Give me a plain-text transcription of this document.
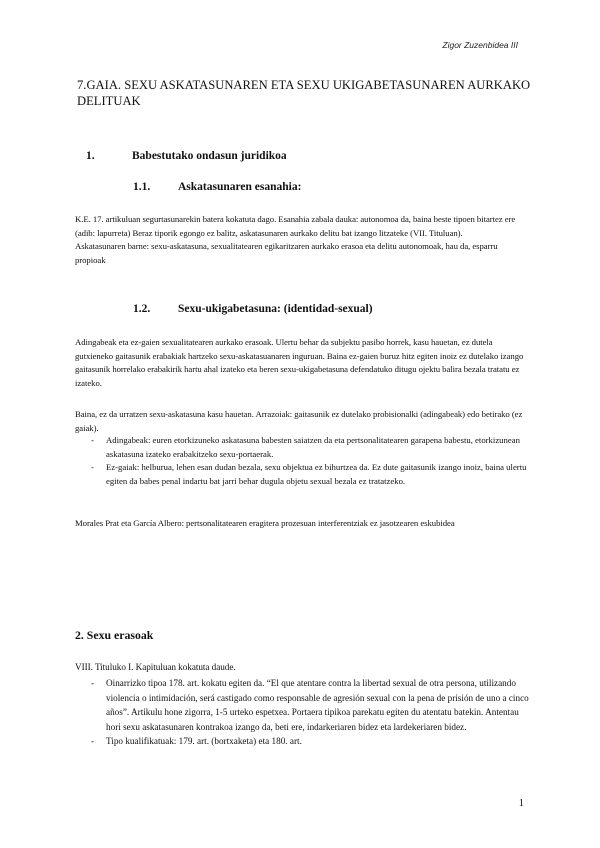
Zigor Zuzenbidea III
7.GAIA. SEXU ASKATASUNAREN ETA SEXU UKIGABETASUNAREN AURKAKO DELITUAK
1.	Babestutako ondasun juridikoa
1.1. Askatasunaren esanahia:

K.E. 17. artikuluan segurtasunarekin batera kokatuta dago. Esanahia zabala dauka: autonomoa da, baina beste tipoen bitartez ere (adib: lapurreta) Beraz tiporik egongo ez balitz, askatasunaren aurkako delitu bat izango litzateke (VII. Tituluan).

Askatasunaren barne: sexu-askatasuna, sexualitatearen egikaritzaren aurkako erasoa eta delitu autonomoak, hau da, esparru propioak

1.2. Sexu-ukigabetasuna: (identidad-sexual)
Adingabeak eta ez-gaien sexualitatearen aurkako erasoak. Ulertu behar da subjektu pasibo horrek, kasu hauetan, ez dutela gutxieneko gaitasunik erabakiak hartzeko sexu-askatasuanaren inguruan. Baina ez-gaien buruz hitz egiten inoiz ez dutelako izango gaitasunik horrelako erabakirik hartu ahal izateko eta beren sexu-ukigabetasuna defendatuko ditugu ojektu balira bezala tratatu ez izateko.
Baina, ez da urratzen sexu-askatasuna kasu hauetan. Arrazoiak: gaitasunik ez dutelako probisionalki (adingabeak) edo betirako (ez gaiak).
-	Adingabeak: euren etorkizuneko askatasuna babesten saiatzen da eta pertsonalitatearen garapena babestu, etorkizunean askatasuna izateko erabakitzeko sexu-portaerak.
-	Ez-gaiak: helburua, lehen esan dudan bezala, sexu objektua ez bihurtzea da. Ez dute gaitasunik izango inoiz, baina ulertu egiten da babes penal indartu bat jarri behar dugula objetu sexual bezala ez tratatzeko.
Morales Prat eta García Albero: pertsonalitatearen eragitera prozesuan interferentziak ez jasotzearen eskubidea
2. Sexu erasoak
VIII. Tituluko I. Kapituluan kokatuta daude.
-	Oinarrizko tipoa 178. art. kokatu egiten da. “El que atentare contra la libertad sexual de otra persona, utilizando violencia o intimidación, será castigado como responsable de agresión sexual con la pena de prisión de uno a cinco años”. Artikulu hone zigorra, 1-5 urteko espetxea. Portaera tipikoa parekatu egiten du atentatu batekin. Antentau hori sexu askatasunaren kontrakoa izango da, beti ere, indarkeriaren bidez eta lardekeriaren bidez.
-	Tipo kualifikatuak: 179. art. (bortxaketa) eta 180. art.
1
